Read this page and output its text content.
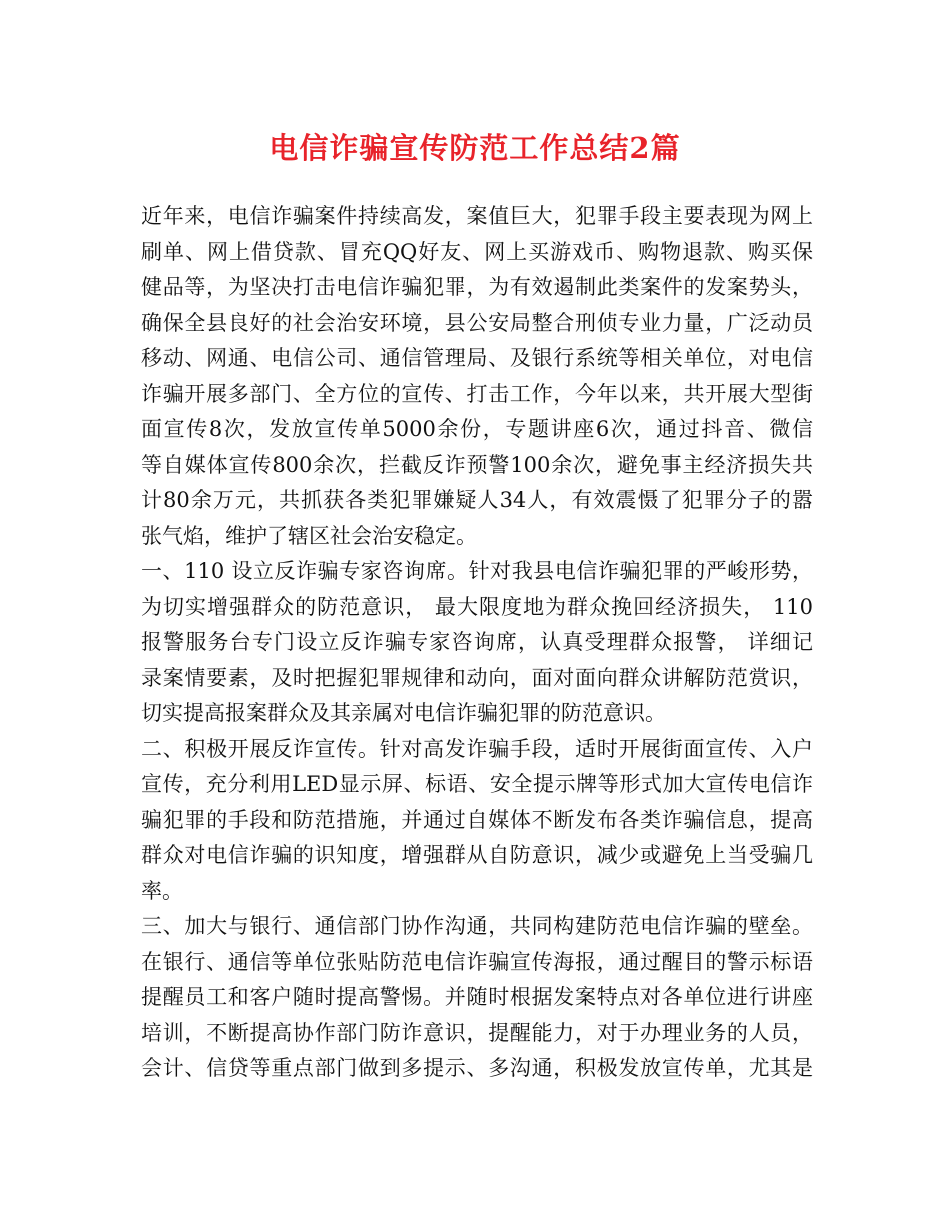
电信诈骗宣传防范工作总结2篇
近年来，电信诈骗案件持续高发，案值巨大，犯罪手段主要表现为网上
刷单、网上借贷款、冒充QQ好友、网上买游戏币、购物退款、购买保
健品等，为坚决打击电信诈骗犯罪，为有效遏制此类案件的发案势头，
确保全县良好的社会治安环境，县公安局整合刑侦专业力量，广泛动员
移动、网通、电信公司、通信管理局、及银行系统等相关单位，对电信
诈骗开展多部门、全方位的宣传、打击工作，今年以来，共开展大型街
面宣传8次，发放宣传单5000余份，专题讲座6次，通过抖音、微信
等自媒体宣传800余次，拦截反诈预警100余次，避免事主经济损失共
计80余万元，共抓获各类犯罪嫌疑人34人，有效震慑了犯罪分子的嚣
张气焰，维护了辖区社会治安稳定。
一、110 设立反诈骗专家咨询席。针对我县电信诈骗犯罪的严峻形势，
为切实增强群众的防范意识， 最大限度地为群众挽回经济损失， 110
报警服务台专门设立反诈骗专家咨询席，认真受理群众报警， 详细记
录案情要素，及时把握犯罪规律和动向，面对面向群众讲解防范赏识，
切实提高报案群众及其亲属对电信诈骗犯罪的防范意识。
二、积极开展反诈宣传。针对高发诈骗手段，适时开展街面宣传、入户
宣传，充分利用LED显示屏、标语、安全提示牌等形式加大宣传电信诈
骗犯罪的手段和防范措施，并通过自媒体不断发布各类诈骗信息，提高
群众对电信诈骗的识知度，增强群从自防意识，减少或避免上当受骗几
率。
三、加大与银行、通信部门协作沟通，共同构建防范电信诈骗的壁垒。
在银行、通信等单位张贴防范电信诈骗宣传海报，通过醒目的警示标语
提醒员工和客户随时提高警惕。并随时根据发案特点对各单位进行讲座
培训，不断提高协作部门防诈意识，提醒能力，对于办理业务的人员，
会计、信贷等重点部门做到多提示、多沟通，积极发放宣传单，尤其是
